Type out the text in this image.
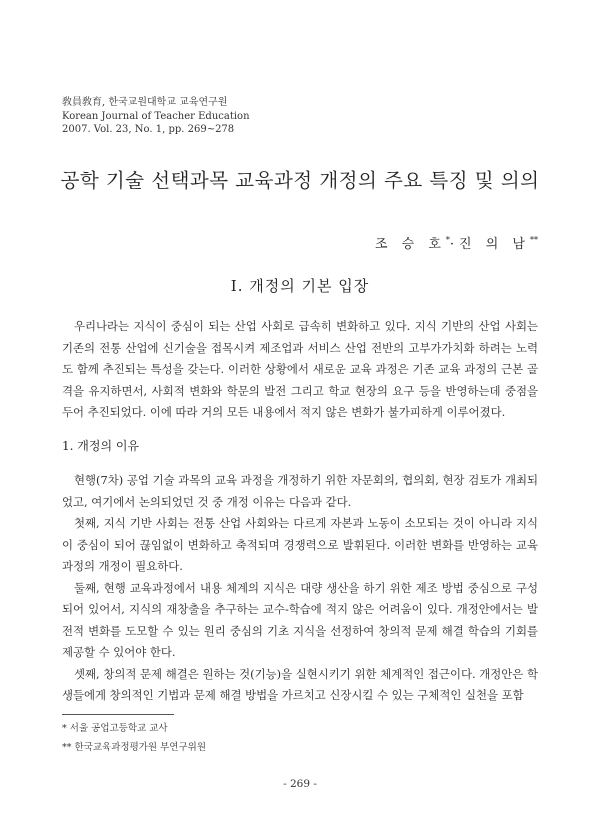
敎員敎育, 한국교원대학교 교육연구원
Korean Journal of Teacher Education
2007. Vol. 23, No. 1, pp. 269~278
공학 기술 선택과목 교육과정 개정의 주요 특징 및 의의
조 승 호*·진 의 남**
Ⅰ. 개정의 기본 입장
우리나라는 지식이 중심이 되는 산업 사회로 급속히 변화하고 있다. 지식 기반의 산업 사회는 기존의 전통 산업에 신기술을 접목시켜 제조업과 서비스 산업 전반의 고부가가치화 하려는 노력도 함께 추진되는 특성을 갖는다. 이러한 상황에서 새로운 교육 과정은 기존 교육 과정의 근본 골격을 유지하면서, 사회적 변화와 학문의 발전 그리고 학교 현장의 요구 등을 반영하는데 중점을 두어 추진되었다. 이에 따라 거의 모든 내용에서 적지 않은 변화가 불가피하게 이루어졌다.
1. 개정의 이유
현행(7차) 공업 기술 과목의 교육 과정을 개정하기 위한 자문회의, 협의회, 현장 검토가 개최되었고, 여기에서 논의되었던 것 중 개정 이유는 다음과 같다.
첫째, 지식 기반 사회는 전통 산업 사회와는 다르게 자본과 노동이 소모되는 것이 아니라 지식이 중심이 되어 끊임없이 변화하고 축적되며 경쟁력으로 발휘된다. 이러한 변화를 반영하는 교육 과정의 개정이 필요하다.
둘째, 현행 교육과정에서 내용 체계의 지식은 대량 생산을 하기 위한 제조 방법 중심으로 구성되어 있어서, 지식의 재창출을 추구하는 교수-학습에 적지 않은 어려움이 있다. 개정안에서는 발전적 변화를 도모할 수 있는 원리 중심의 기초 지식을 선정하여 창의적 문제 해결 학습의 기회를 제공할 수 있어야 한다.
셋째, 창의적 문제 해결은 원하는 것(기능)을 실현시키기 위한 체계적인 접근이다. 개정안은 학생들에게 창의적인 기법과 문제 해결 방법을 가르치고 신장시킬 수 있는 구체적인 실천을 포함
* 서울 공업고등학교 교사
** 한국교육과정평가원 부연구위원
- 269 -
